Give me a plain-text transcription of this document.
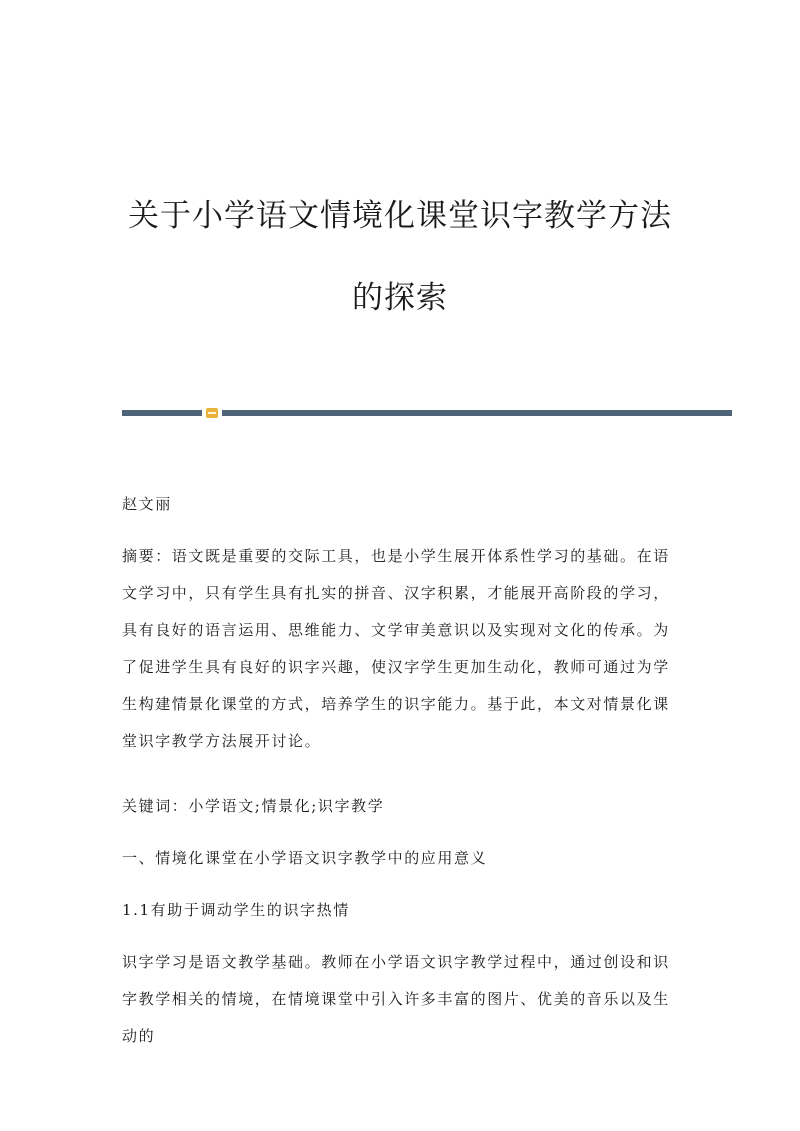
关于小学语文情境化课堂识字教学方法
的探索

赵文丽

摘要：语文既是重要的交际工具，也是小学生展开体系性学习的基础。在语文学习中，只有学生具有扎实的拼音、汉字积累，才能展开高阶段的学习，具有良好的语言运用、思维能力、文学审美意识以及实现对文化的传承。为了促进学生具有良好的识字兴趣，使汉字学生更加生动化，教师可通过为学生构建情景化课堂的方式，培养学生的识字能力。基于此，本文对情景化课堂识字教学方法展开讨论。

关键词：小学语文;情景化;识字教学

一、情境化课堂在小学语文识字教学中的应用意义

1.1有助于调动学生的识字热情

识字学习是语文教学基础。教师在小学语文识字教学过程中，通过创设和识字教学相关的情境，在情境课堂中引入许多丰富的图片、优美的音乐以及生动的
